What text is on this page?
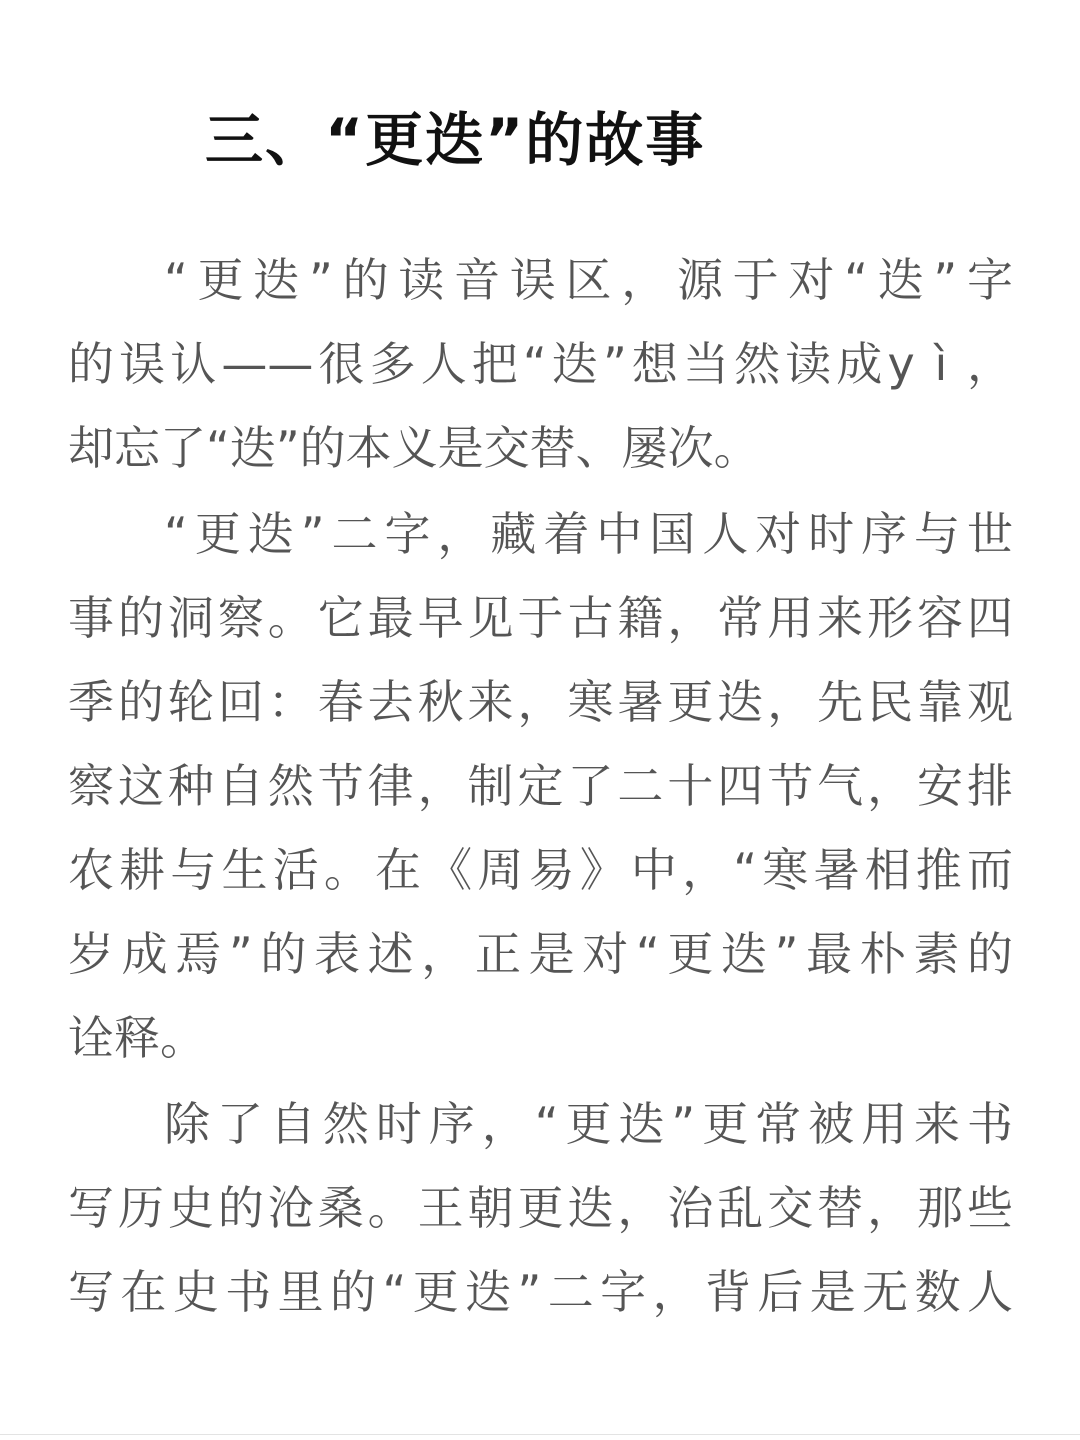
三、“更迭”的故事

“更迭”的读音误区，源于对“迭”字

的误认——很多人把“迭”想当然读成y ì ，

却忘了“迭”的本义是交替、屡次。

“更迭”二字，藏着中国人对时序与世

事的洞察。它最早见于古籍，常用来形容四

季的轮回：春去秋来，寒暑更迭，先民靠观

察这种自然节律，制定了二十四节气，安排

农耕与生活。在《周易》中，“寒暑相推而

岁成焉”的表述，正是对“更迭”最朴素的

诠释。

除了自然时序，“更迭”更常被用来书

写历史的沧桑。王朝更迭，治乱交替，那些

写在史书里的“更迭”二字，背后是无数人
